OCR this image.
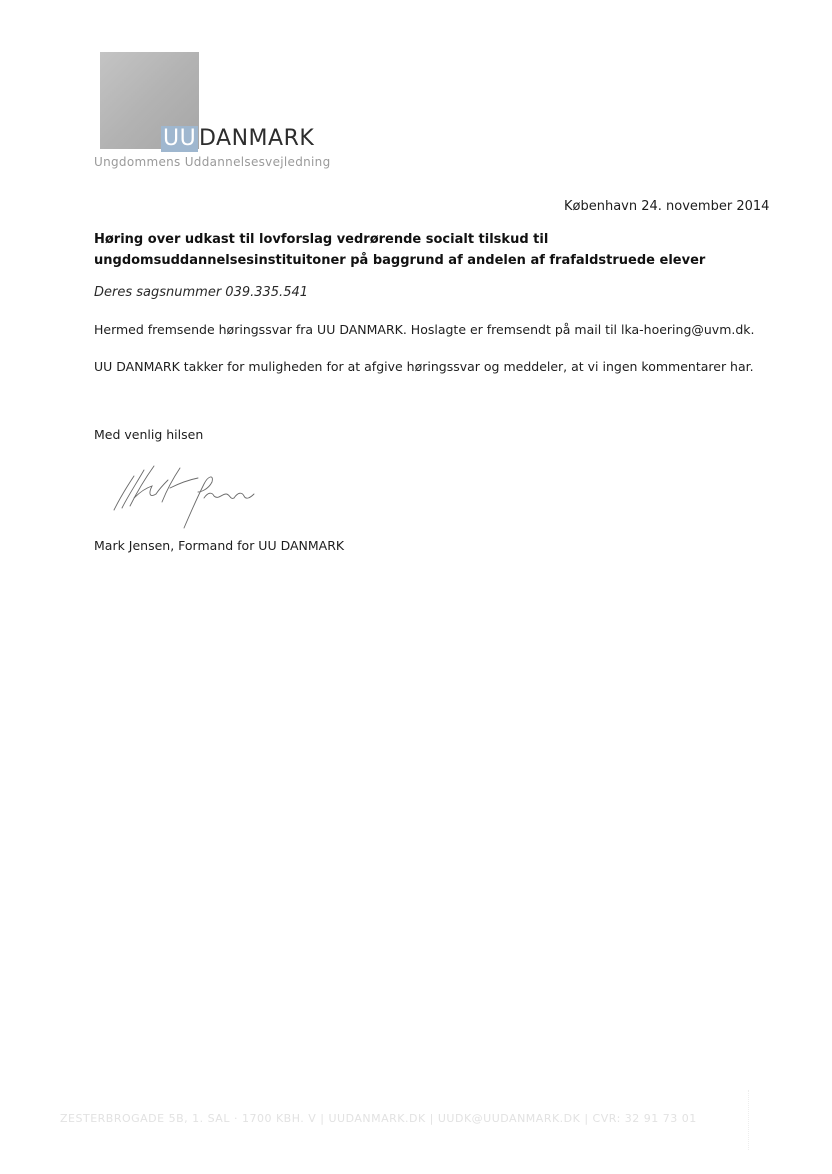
UU DANMARK
Ungdommens Uddannelsesvejledning
København 24. november 2014
Høring over udkast til lovforslag vedrørende socialt tilskud til ungdomsuddannelsesinstituitoner på baggrund af andelen af frafaldstruede elever
Deres sagsnummer 039.335.541
Hermed fremsende høringssvar fra UU DANMARK. Hoslagte er fremsendt på mail til lka-hoering@uvm.dk.
UU DANMARK takker for muligheden for at afgive høringssvar og meddeler, at vi ingen kommentarer har.
Med venlig hilsen
Mark Jensen, Formand for UU DANMARK
ZESTERBROGADE 5B, 1. SAL · 1700 KBH. V | UUDANMARK.DK | UUDK@UUDANMARK.DK | CVR: 32 91 73 01
